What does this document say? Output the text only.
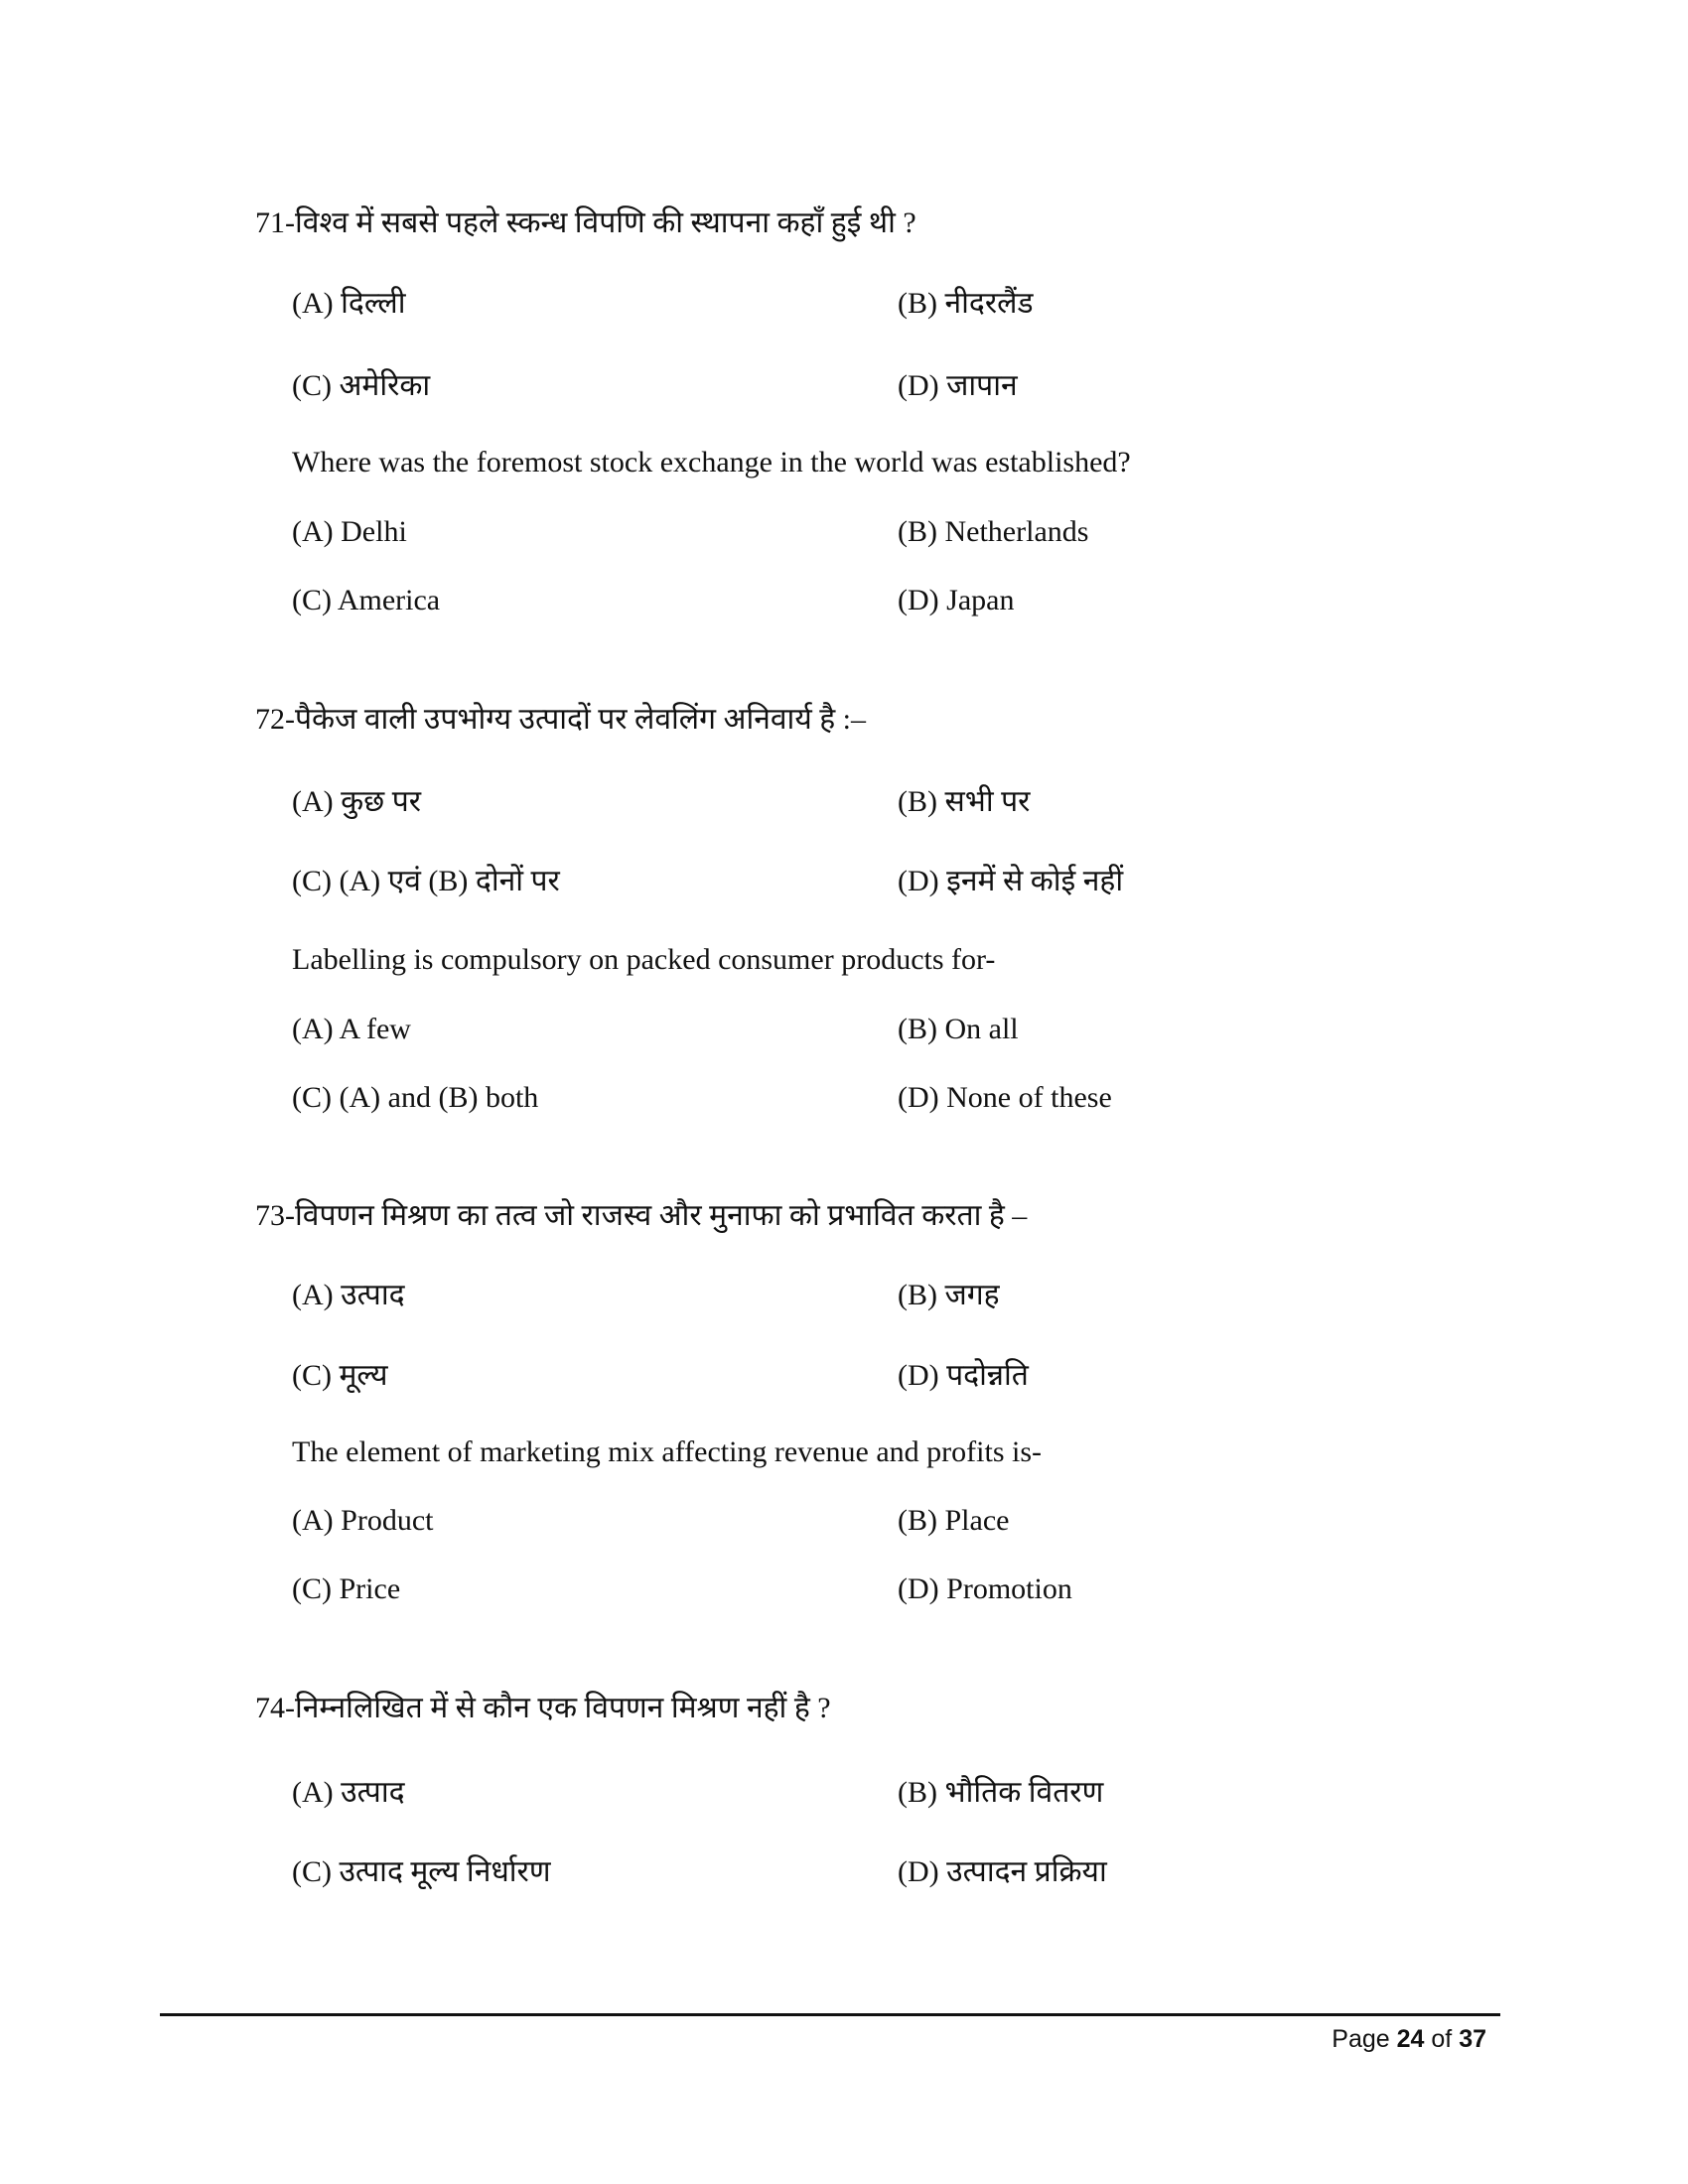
71-विश्व में सबसे पहले स्कन्ध विपणि की स्थापना कहाँ हुई थी ?
(A) दिल्ली	(B) नीदरलैंड
(C) अमेरिका	(D) जापान
Where was the foremost stock exchange in the world was established?
(A) Delhi	(B) Netherlands
(C) America	(D) Japan
72-पैकेज वाली उपभोग्य उत्पादों पर लेवलिंग अनिवार्य है :–
(A) कुछ पर	(B) सभी पर
(C) (A) एवं (B) दोनों पर	(D) इनमें से कोई नहीं
Labelling is compulsory on packed consumer products for-
(A) A few	(B) On all
(C) (A) and (B) both	(D) None of these
73-विपणन मिश्रण का तत्व जो राजस्व और मुनाफा को प्रभावित करता है –
(A) उत्पाद	(B) जगह
(C) मूल्य	(D) पदोन्नति
The element of marketing mix affecting revenue and profits is-
(A) Product	(B) Place
(C) Price	(D) Promotion
74-निम्नलिखित में से कौन एक विपणन मिश्रण नहीं है ?
(A) उत्पाद	(B) भौतिक वितरण
(C) उत्पाद मूल्य निर्धारण	(D) उत्पादन प्रक्रिया
Page 24 of 37
